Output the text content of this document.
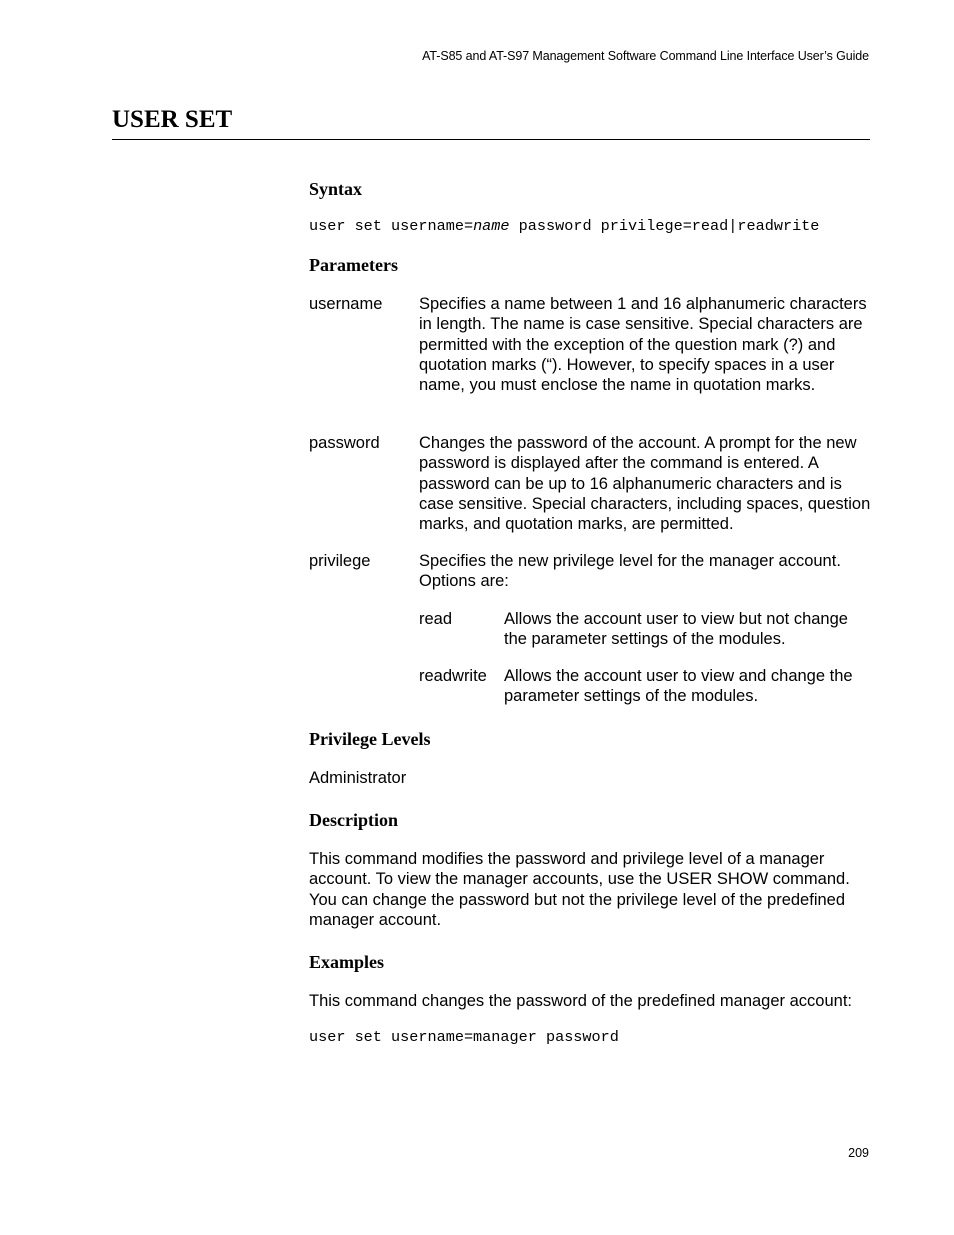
AT-S85 and AT-S97 Management Software Command Line Interface User’s Guide
USER SET
Syntax
user set username=name password privilege=read|readwrite
Parameters
username Specifies a name between 1 and 16 alphanumeric characters in length. The name is case sensitive. Special characters are permitted with the exception of the question mark (?) and quotation marks (“). However, to specify spaces in a user name, you must enclose the name in quotation marks.
password Changes the password of the account. A prompt for the new password is displayed after the command is entered. A password can be up to 16 alphanumeric characters and is case sensitive. Special characters, including spaces, question marks, and quotation marks, are permitted.
privilege	Specifies the new privilege level for the manager account. Options are:
read	Allows the account user to view but not change the parameter settings of the modules.
readwrite Allows the account user to view and change the parameter settings of the modules.
Privilege Levels
Administrator
Description
This command modifies the password and privilege level of a manager account. To view the manager accounts, use the USER SHOW command. You can change the password but not the privilege level of the predefined manager account.
Examples
This command changes the password of the predefined manager account:
user set username=manager password
209
